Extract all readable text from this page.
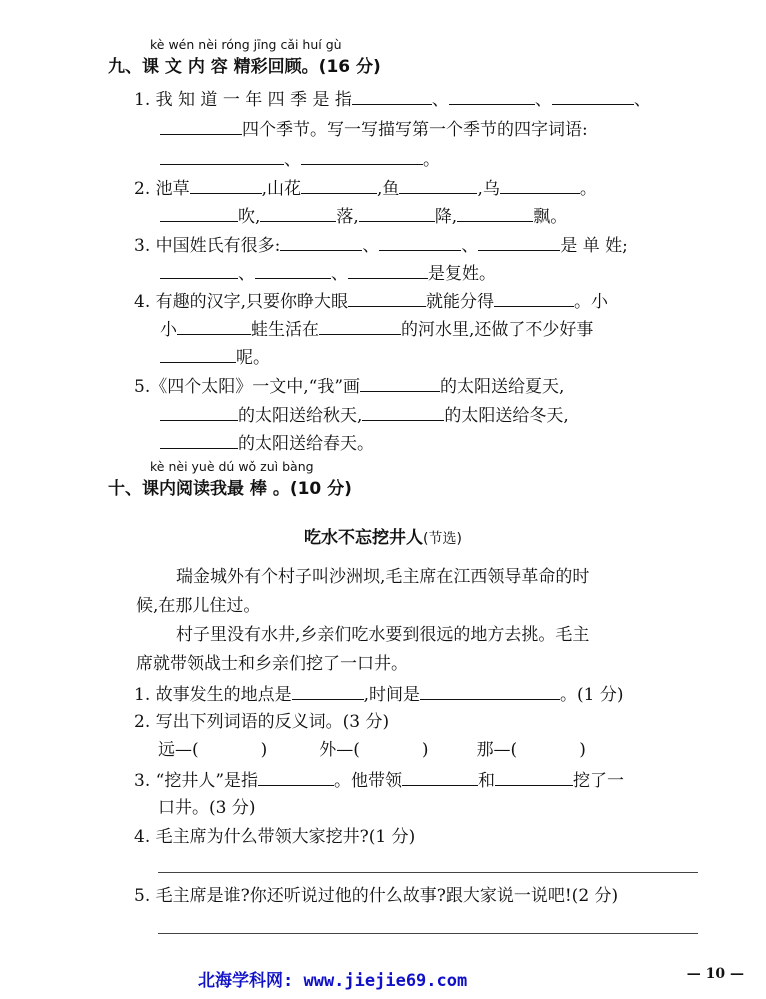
kè wén nèi róng jīng cǎi huí gù
九、课 文 内 容 精彩回顾。(16 分)
1. 我 知 道 一 年 四 季 是 指	、	、	、
四个季节。写一写描写第一个季节的四字词语:
、	。
2. 池草	,山花	,鱼	,乌	。
吹,	落,	降,	飘。
3. 中国姓氏有很多:	、	、	是 单 姓;
、	、	是复姓。
4. 有趣的汉字,只要你睁大眼	就能分得	。小
小	蛙生活在	的河水里,还做了不少好事
呢。
5.《四个太阳》一文中,“我”画	的太阳送给夏天,
的太阳送给秋天,	的太阳送给冬天,
的太阳送给春天。
kè nèi yuè dú wǒ zuì bàng
十、课内阅读我最 棒 。(10 分)
吃水不忘挖井人(节选)
瑞金城外有个村子叫沙洲坝,毛主席在江西领导革命的时
候,在那儿住过。
村子里没有水井,乡亲们吃水要到很远的地方去挑。毛主
席就带领战士和乡亲们挖了一口井。
1. 故事发生的地点是	,时间是	。(1 分)
2. 写出下列词语的反义词。(3 分)
远—(	)	外—(	)	那—(	)
3. “挖井人”是指	。他带领	和	挖了一
口井。(3 分)
4. 毛主席为什么带领大家挖井?(1 分)
5. 毛主席是谁?你还听说过他的什么故事?跟大家说一说吧!(2 分)
北海学科网: www.jiejie69.com	— 10 —
